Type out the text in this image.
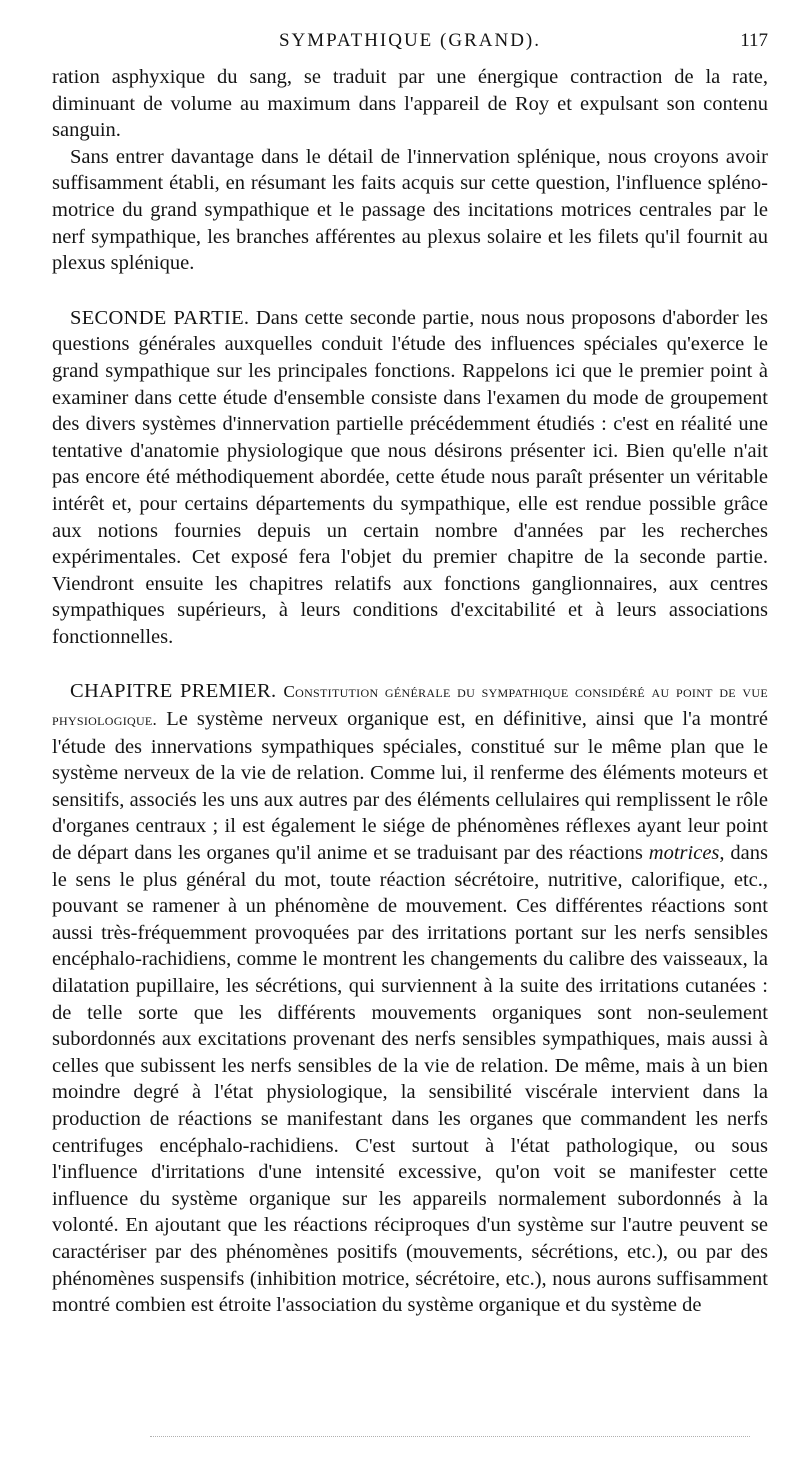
SYMPATHIQUE (GRAND).	117

ration asphyxique du sang, se traduit par une énergique contraction de la rate, diminuant de volume au maximum dans l'appareil de Roy et expulsant son contenu sanguin.

Sans entrer davantage dans le détail de l'innervation splénique, nous croyons avoir suffisamment établi, en résumant les faits acquis sur cette question, l'influence spléno-motrice du grand sympathique et le passage des incitations motrices centrales par le nerf sympathique, les branches afférentes au plexus solaire et les filets qu'il fournit au plexus splénique.

SECONDE PARTIE. Dans cette seconde partie, nous nous proposons d'aborder les questions générales auxquelles conduit l'étude des influences spéciales qu'exerce le grand sympathique sur les principales fonctions. Rappelons ici que le premier point à examiner dans cette étude d'ensemble consiste dans l'examen du mode de groupement des divers systèmes d'innervation partielle précédemment étudiés : c'est en réalité une tentative d'anatomie physiologique que nous désirons présenter ici. Bien qu'elle n'ait pas encore été méthodiquement abordée, cette étude nous paraît présenter un véritable intérêt et, pour certains départements du sympathique, elle est rendue possible grâce aux notions fournies depuis un certain nombre d'années par les recherches expérimentales. Cet exposé fera l'objet du premier chapitre de la seconde partie. Viendront ensuite les chapitres relatifs aux fonctions ganglionnaires, aux centres sympathiques supérieurs, à leurs conditions d'excitabilité et à leurs associations fonctionnelles.

CHAPITRE PREMIER. Constitution générale du sympathique considéré au point de vue physiologique. Le système nerveux organique est, en définitive, ainsi que l'a montré l'étude des innervations sympathiques spéciales, constitué sur le même plan que le système nerveux de la vie de relation. Comme lui, il renferme des éléments moteurs et sensitifs, associés les uns aux autres par des éléments cellulaires qui remplissent le rôle d'organes centraux ; il est également le siége de phénomènes réflexes ayant leur point de départ dans les organes qu'il anime et se traduisant par des réactions motrices, dans le sens le plus général du mot, toute réaction sécrétoire, nutritive, calorifique, etc., pouvant se ramener à un phénomène de mouvement. Ces différentes réactions sont aussi très-fréquemment provoquées par des irritations portant sur les nerfs sensibles encéphalo-rachidiens, comme le montrent les changements du calibre des vaisseaux, la dilatation pupillaire, les sécrétions, qui surviennent à la suite des irritations cutanées : de telle sorte que les différents mouvements organiques sont non-seulement subordonnés aux excitations provenant des nerfs sensibles sympathiques, mais aussi à celles que subissent les nerfs sensibles de la vie de relation. De même, mais à un bien moindre degré à l'état physiologique, la sensibilité viscérale intervient dans la production de réactions se manifestant dans les organes que commandent les nerfs centrifuges encéphalo-rachidiens. C'est surtout à l'état pathologique, ou sous l'influence d'irritations d'une intensité excessive, qu'on voit se manifester cette influence du système organique sur les appareils normalement subordonnés à la volonté. En ajoutant que les réactions réciproques d'un système sur l'autre peuvent se caractériser par des phénomènes positifs (mouvements, sécrétions, etc.), ou par des phénomènes suspensifs (inhibition motrice, sécrétoire, etc.), nous aurons suffisamment montré combien est étroite l'association du système organique et du système de
